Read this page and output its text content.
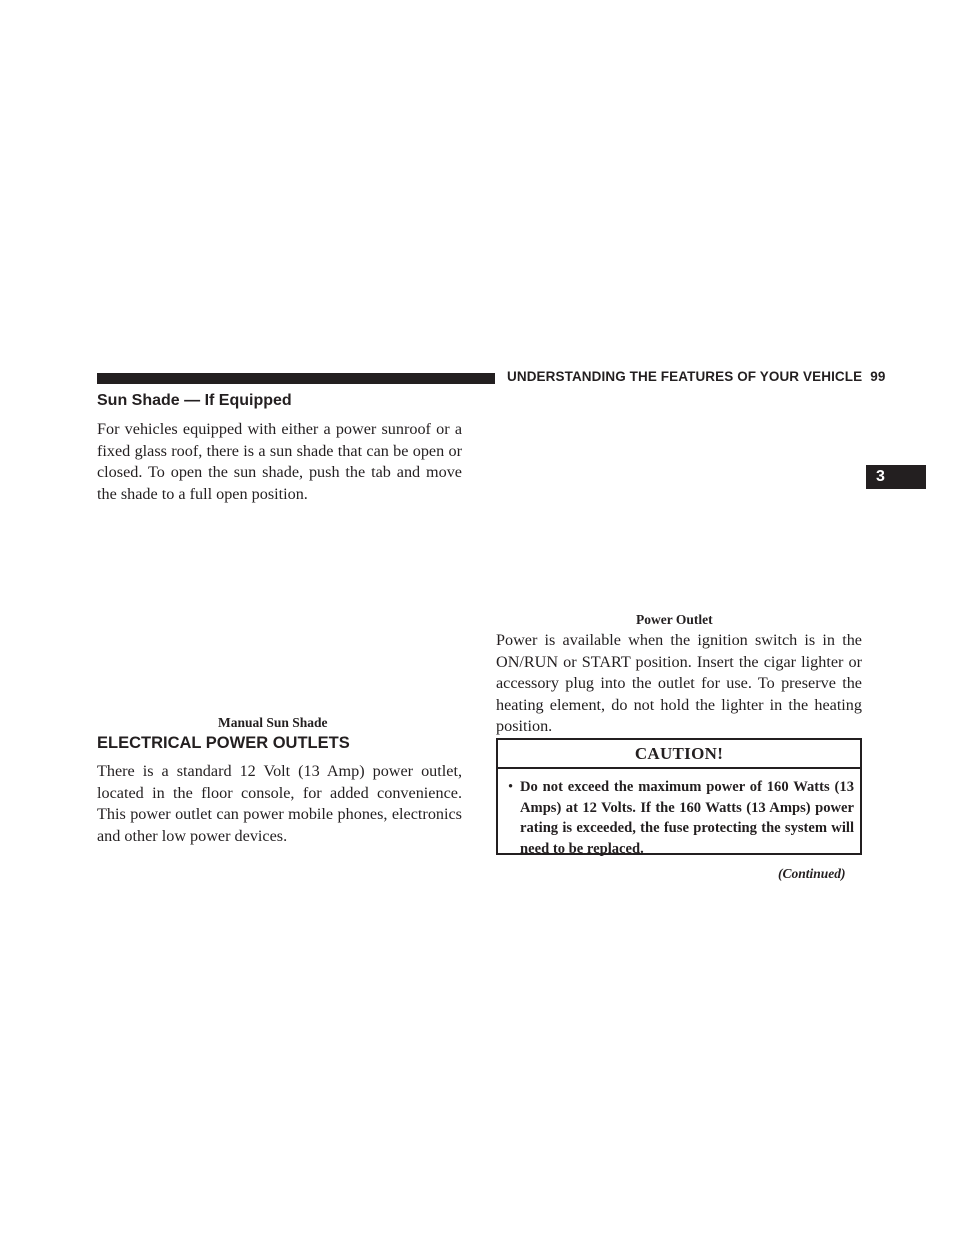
UNDERSTANDING THE FEATURES OF YOUR VEHICLE 99
3
Sun Shade — If Equipped

For vehicles equipped with either a power sunroof or a fixed glass roof, there is a sun shade that can be open or closed. To open the sun shade, push the tab and move the shade to a full open position.

Manual Sun Shade
ELECTRICAL POWER OUTLETS

There is a standard 12 Volt (13 Amp) power outlet, located in the floor console, for added convenience. This power outlet can power mobile phones, electronics and other low power devices.

Power Outlet

Power is available when the ignition switch is in the ON/RUN or START position. Insert the cigar lighter or accessory plug into the outlet for use. To preserve the heating element, do not hold the lighter in the heating position.

CAUTION!
• Do not exceed the maximum power of 160 Watts (13 Amps) at 12 Volts. If the 160 Watts (13 Amps) power rating is exceeded, the fuse protecting the system will need to be replaced.
(Continued)
